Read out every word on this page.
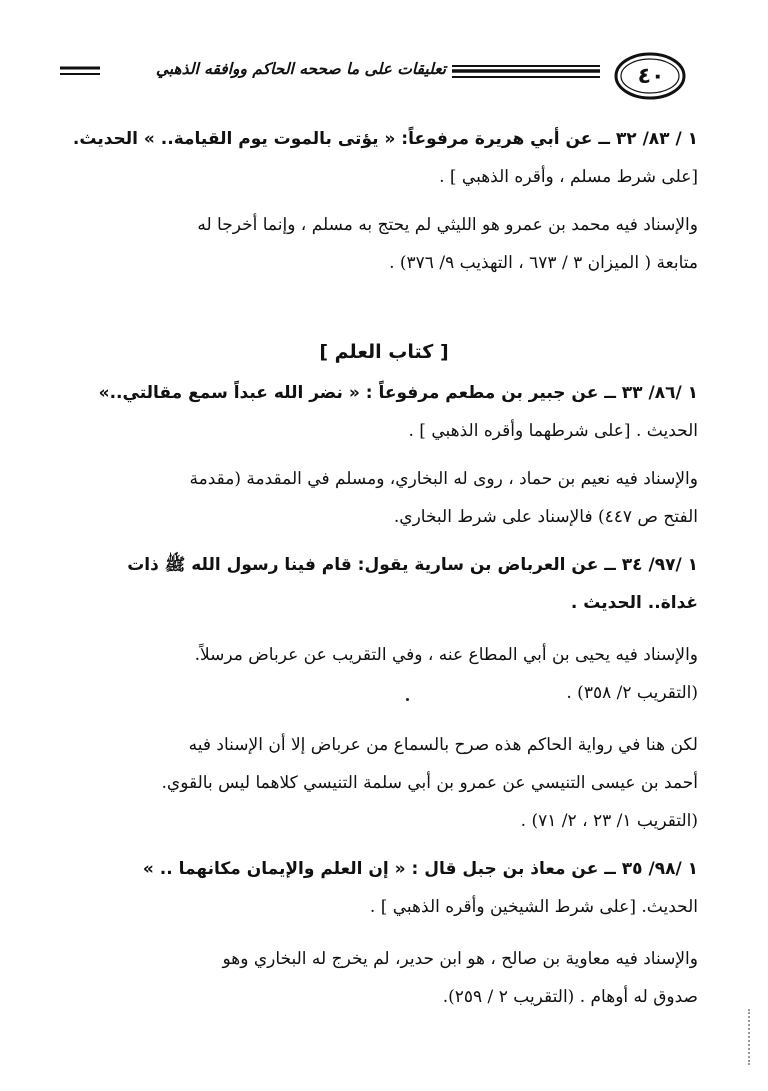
تعليقات على ما صححه الحاكم ووافقه الذهبي	٤٠
١ / ٨٣/ ٣٢ ــ عن أبي هريرة مرفوعاً: « يؤتى بالموت يوم القيامة.. » الحديث.
[على شرط مسلم ، وأقره الذهبي ] .
والإسناد فيه محمد بن عمرو هو الليثي لم يحتج به مسلم ، وإنما أخرجا له
متابعة ( الميزان ٣ / ٦٧٣ ، التهذيب ٩/ ٣٧٦) .
[ كتاب العلم ]
١ /٨٦/ ٣٣ ــ عن جبير بن مطعم مرفوعاً : « نضر الله عبداً سمع مقالتي..»
الحديث . [على شرطهما وأقره الذهبي ] .
والإسناد فيه نعيم بن حماد ، روى له البخاري، ومسلم في المقدمة (مقدمة
الفتح ص ٤٤٧) فالإسناد على شرط البخاري.
١ /٩٧/ ٣٤ ــ عن العرباض بن سارية يقول: قام فينا رسول الله ﷺ ذات
غداة.. الحديث .
والإسناد فيه يحيى بن أبي المطاع عنه ، وفي التقريب عن عرباض مرسلاً.
(التقريب ٢/ ٣٥٨) .
لكن هنا في رواية الحاكم هذه صرح بالسماع من عرباض إلا أن الإسناد فيه
أحمد بن عيسى التنيسي عن عمرو بن أبي سلمة التنيسي كلاهما ليس بالقوي.
(التقريب ١/ ٢٣ ، ٢/ ٧١) .
١ /٩٨/ ٣٥ ــ عن معاذ بن جبل قال : « إن العلم والإيمان مكانهما .. »
الحديث. [على شرط الشيخين وأقره الذهبي ] .
والإسناد فيه معاوية بن صالح ، هو ابن حدير، لم يخرج له البخاري وهو
صدوق له أوهام . (التقريب ٢ / ٢٥٩).
